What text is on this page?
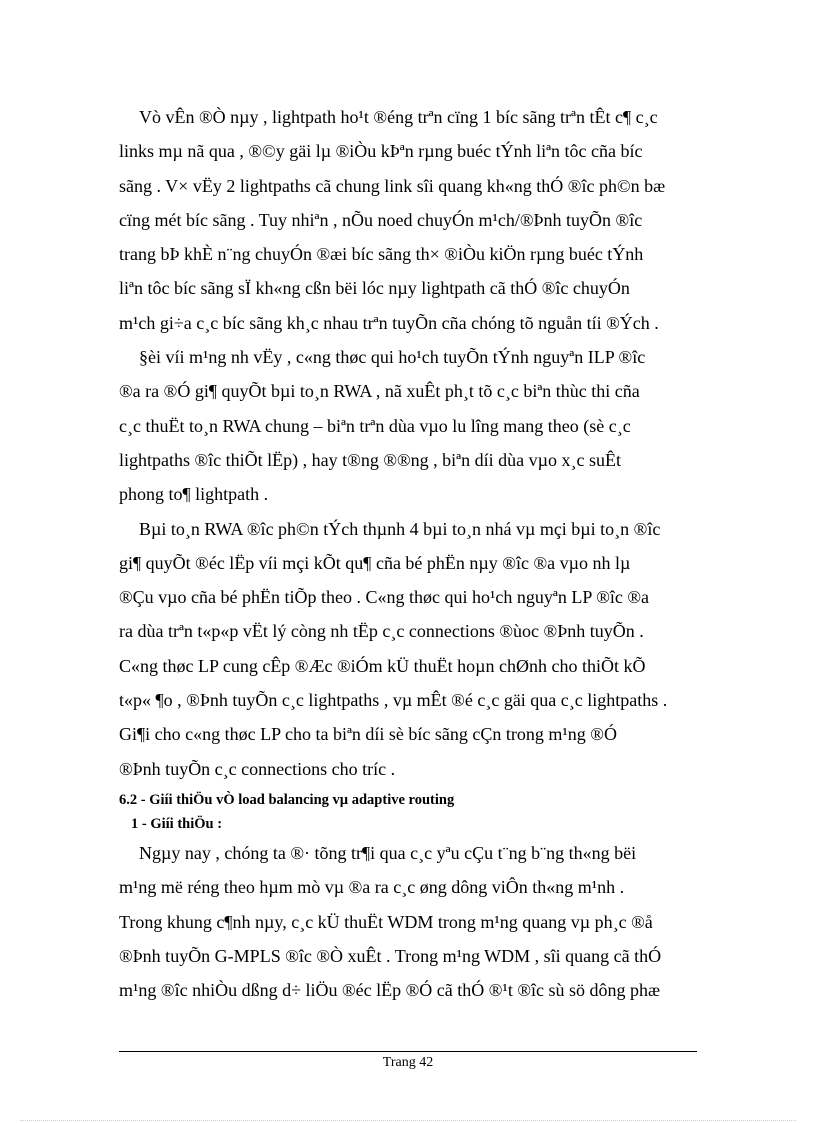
Vò vÊn ®Ò nµy , lightpath ho¹t ®éng trªn cïng 1 bíc sãng trªn tÊt c¶ c¸c
links mµ nã qua , ®©y gäi lµ ®iÒu kÞªn rµng buéc tÝnh liªn tôc cña bíc
sãng . V× vËy 2 lightpaths cã chung link sîi quang kh«ng thÓ ®îc ph©n bæ
cïng mét bíc sãng . Tuy nhiªn , nÕu noed chuyÓn m¹ch/®Þnh tuyÕn ®îc
trang bÞ khÈ n¨ng chuyÓn ®æi bíc sãng th× ®iÒu kiÖn rµng buéc tÝnh
liªn tôc bíc sãng sÏ kh«ng cßn bëi lóc nµy lightpath cã thÓ ®îc chuyÓn
m¹ch gi÷a c¸c bíc sãng kh¸c nhau trªn tuyÕn cña chóng tõ nguån tíi ®Ých .

§èi víi m¹ng nh vËy , c«ng thøc qui ho¹ch tuyÕn tÝnh nguyªn ILP ®îc
®a ra ®Ó gi¶ quyÕt bµi to¸n RWA , nã xuÊt ph¸t tõ c¸c biªn thùc thi cña
c¸c thuËt to¸n RWA chung – biªn trªn dùa vµo lu lîng mang theo (sè c¸c
lightpaths ®îc thiÕt lËp) , hay t®ng ®®ng , biªn díi dùa vµo x¸c suÊt
phong to¶ lightpath .

Bµi to¸n RWA ®îc ph©n tÝch thµnh 4 bµi to¸n nhá vµ mçi bµi to¸n ®îc
gi¶ quyÕt ®éc lËp víi mçi kÕt qu¶ cña bé phËn nµy ®îc ®a vµo nh lµ
®Çu vµo cña bé phËn tiÕp theo . C«ng thøc qui ho¹ch nguyªn LP ®îc ®a
ra dùa trªn t«p«p vËt lý còng nh tËp c¸c connections ®ùoc ®Þnh tuyÕn .
C«ng thøc LP cung cÊp ®Æc ®iÓm kÜ thuËt hoµn chØnh cho thiÕt kÕ
t«p« ¶o , ®Þnh tuyÕn c¸c lightpaths , vµ mÊt ®é c¸c gäi qua c¸c lightpaths .
Gi¶i cho c«ng thøc LP cho ta biªn díi sè bíc sãng cÇn trong m¹ng ®Ó
®Þnh tuyÕn c¸c connections cho tríc .

6.2 - Giíi thiÖu vÒ load balancing vµ adaptive routing
1 - Giíi thiÖu :

Ngµy nay , chóng ta ®· tõng tr¶i qua c¸c yªu cÇu t¨ng b¨ng th«ng bëi
m¹ng më réng theo hµm mò vµ ®a ra c¸c øng dông viÔn th«ng m¹nh .
Trong khung c¶nh nµy, c¸c kÜ thuËt WDM trong m¹ng quang vµ ph¸c ®å
®Þnh tuyÕn G-MPLS ®îc ®Ò xuÊt . Trong m¹ng WDM , sîi quang cã thÓ
m¹ng ®îc nhiÒu dßng d÷ liÖu ®éc lËp ®Ó cã thÓ ®¹t ®îc sù sö dông phæ

Trang 42
